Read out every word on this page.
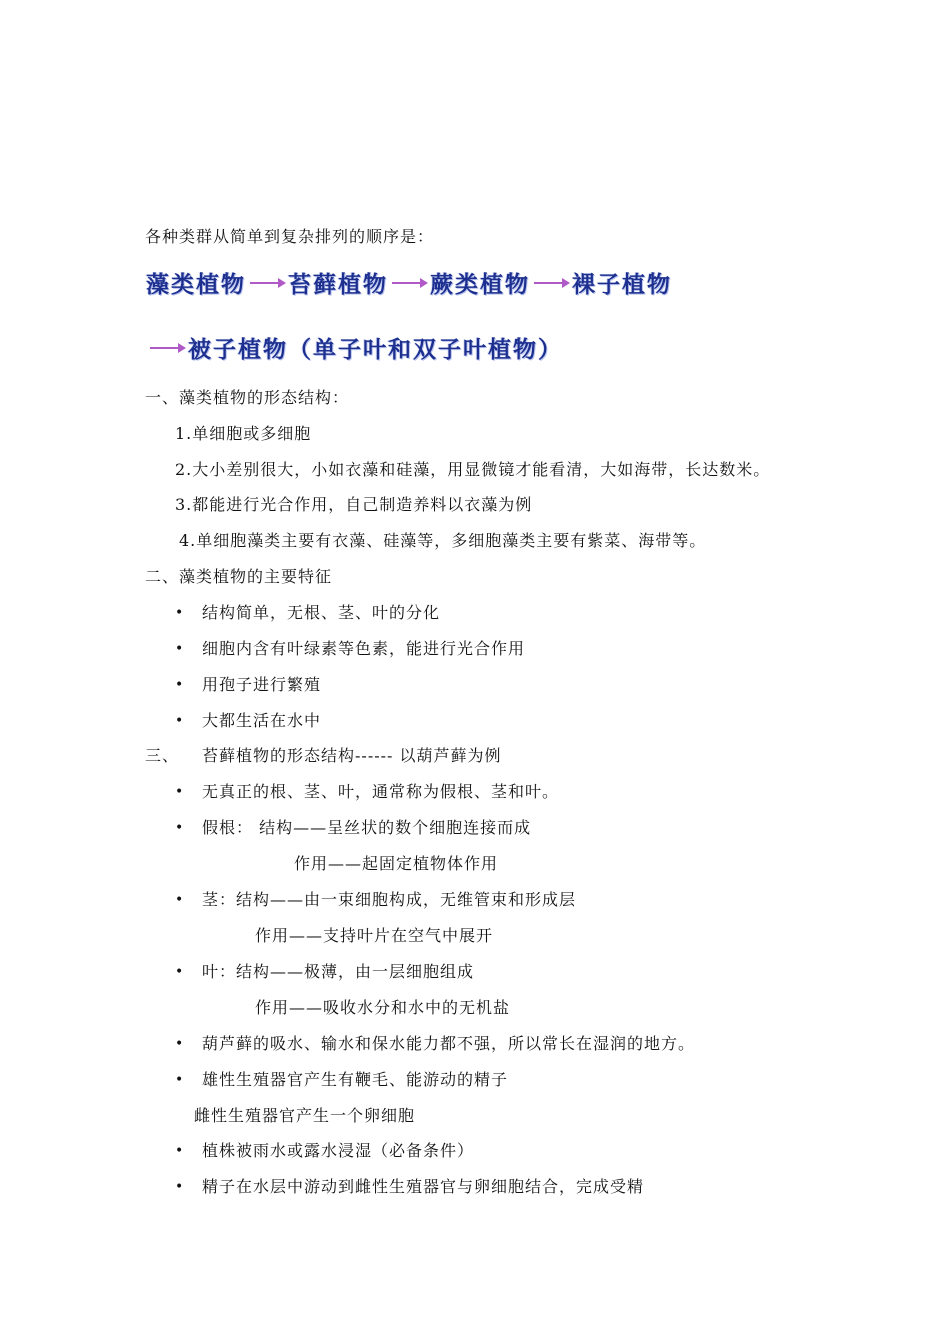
各种类群从简单到复杂排列的顺序是：
藻类植物 苔藓植物 蕨类植物 裸子植物
被子植物（单子叶和双子叶植物）
一、藻类植物的形态结构：
1.单细胞或多细胞
2.大小差别很大，小如衣藻和硅藻，用显微镜才能看清，大如海带，长达数米。
3.都能进行光合作用，自己制造养料以衣藻为例
4.单细胞藻类主要有衣藻、硅藻等，多细胞藻类主要有紫菜、海带等。
二、藻类植物的主要特征
• 结构简单，无根、茎、叶的分化
• 细胞内含有叶绿素等色素，能进行光合作用
• 用孢子进行繁殖
• 大都生活在水中
三、 苔藓植物的形态结构------ 以葫芦藓为例
• 无真正的根、茎、叶，通常称为假根、茎和叶。
• 假根： 结构——呈丝状的数个细胞连接而成
作用——起固定植物体作用
• 茎：结构——由一束细胞构成，无维管束和形成层
作用——支持叶片在空气中展开
• 叶：结构——极薄，由一层细胞组成
作用——吸收水分和水中的无机盐
• 葫芦藓的吸水、输水和保水能力都不强，所以常长在湿润的地方。
• 雄性生殖器官产生有鞭毛、能游动的精子
雌性生殖器官产生一个卵细胞
• 植株被雨水或露水浸湿（必备条件）
• 精子在水层中游动到雌性生殖器官与卵细胞结合，完成受精
